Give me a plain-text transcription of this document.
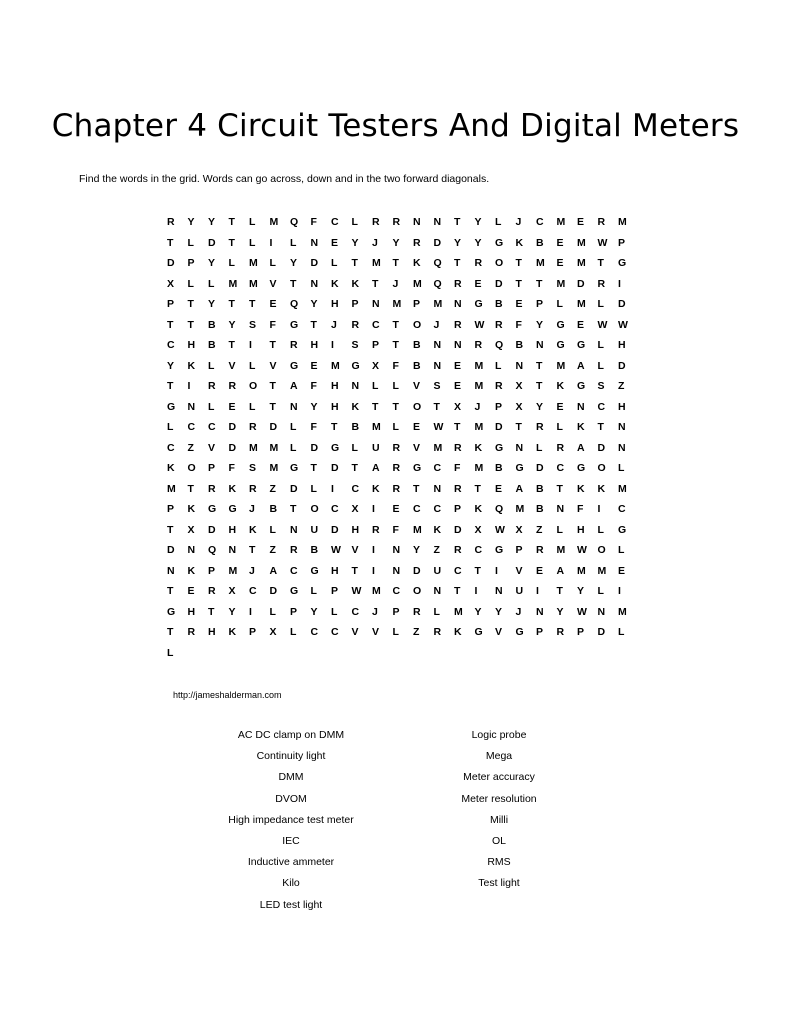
Chapter 4 Circuit Testers And Digital Meters
Find the words in the grid. Words can go across, down and in the two forward diagonals.
R	Y	Y	T	L	M	Q	F	C	L	R	R	N	N	T	Y	L	J	C	M	E	R	M
T	L	D	T	L	I	L	N	E	Y	J	Y	R	D	Y	Y	G	K	B	E	M	W	P
D	P	Y	L	M	L	Y	D	L	T	M	T	K	Q	T	R	O	T	M	E	M	T	G
X	L	L	M	M	V	T	N	K	K	T	J	M	Q	R	E	D	T	T	M	D	R	I
P	T	Y	T	T	E	Q	Y	H	P	N	M	P	M	N	G	B	E	P	L	M	L	D
T	T	B	Y	S	F	G	T	J	R	C	T	O	J	R	W	R	F	Y	G	E	W	W
C	H	B	T	I	T	R	H	I	S	P	T	B	N	N	R	Q	B	N	G	G	L	H
Y	K	L	V	L	V	G	E	M	G	X	F	B	N	E	M	L	N	T	M	A	L	D
T	I	R	R	O	T	A	F	H	N	L	L	V	S	E	M	R	X	T	K	G	S	Z
G	N	L	E	L	T	N	Y	H	K	T	T	O	T	X	J	P	X	Y	E	N	C	H
L	C	C	D	R	D	L	F	T	B	M	L	E	W	T	M	D	T	R	L	K	T	N
C	Z	V	D	M	M	L	D	G	L	U	R	V	M	R	K	G	N	L	R	A	D	N
K	O	P	F	S	M	G	T	D	T	A	R	G	C	F	M	B	G	D	C	G	O	L
M	T	R	K	R	Z	D	L	I	C	K	R	T	N	R	T	E	A	B	T	K	K	M
P	K	G	G	J	B	T	O	C	X	I	E	C	C	P	K	Q	M	B	N	F	I	C
T	X	D	H	K	L	N	U	D	H	R	F	M	K	D	X	W	X	Z	L	H	L	G
D	N	Q	N	T	Z	R	B	W	V	I	N	Y	Z	R	C	G	P	R	M	W	O	L
N	K	P	M	J	A	C	G	H	T	I	N	D	U	C	T	I	V	E	A	M	M	E
T	E	R	X	C	D	G	L	P	W	M	C	O	N	T	I	N	U	I	T	Y	L	I
G	H	T	Y	I	L	P	Y	L	C	J	P	R	L	M	Y	Y	J	N	Y	W	N	M
T	R	H	K	P	X	L	C	C	V	V	L	Z	R	K	G	V	G	P	R	P	D	L
L
http://jameshalderman.com
AC DC clamp on DMM
Continuity light
DMM
DVOM
High impedance test meter
IEC
Inductive ammeter
Kilo
LED test light
Logic probe
Mega
Meter accuracy
Meter resolution
Milli
OL
RMS
Test light
